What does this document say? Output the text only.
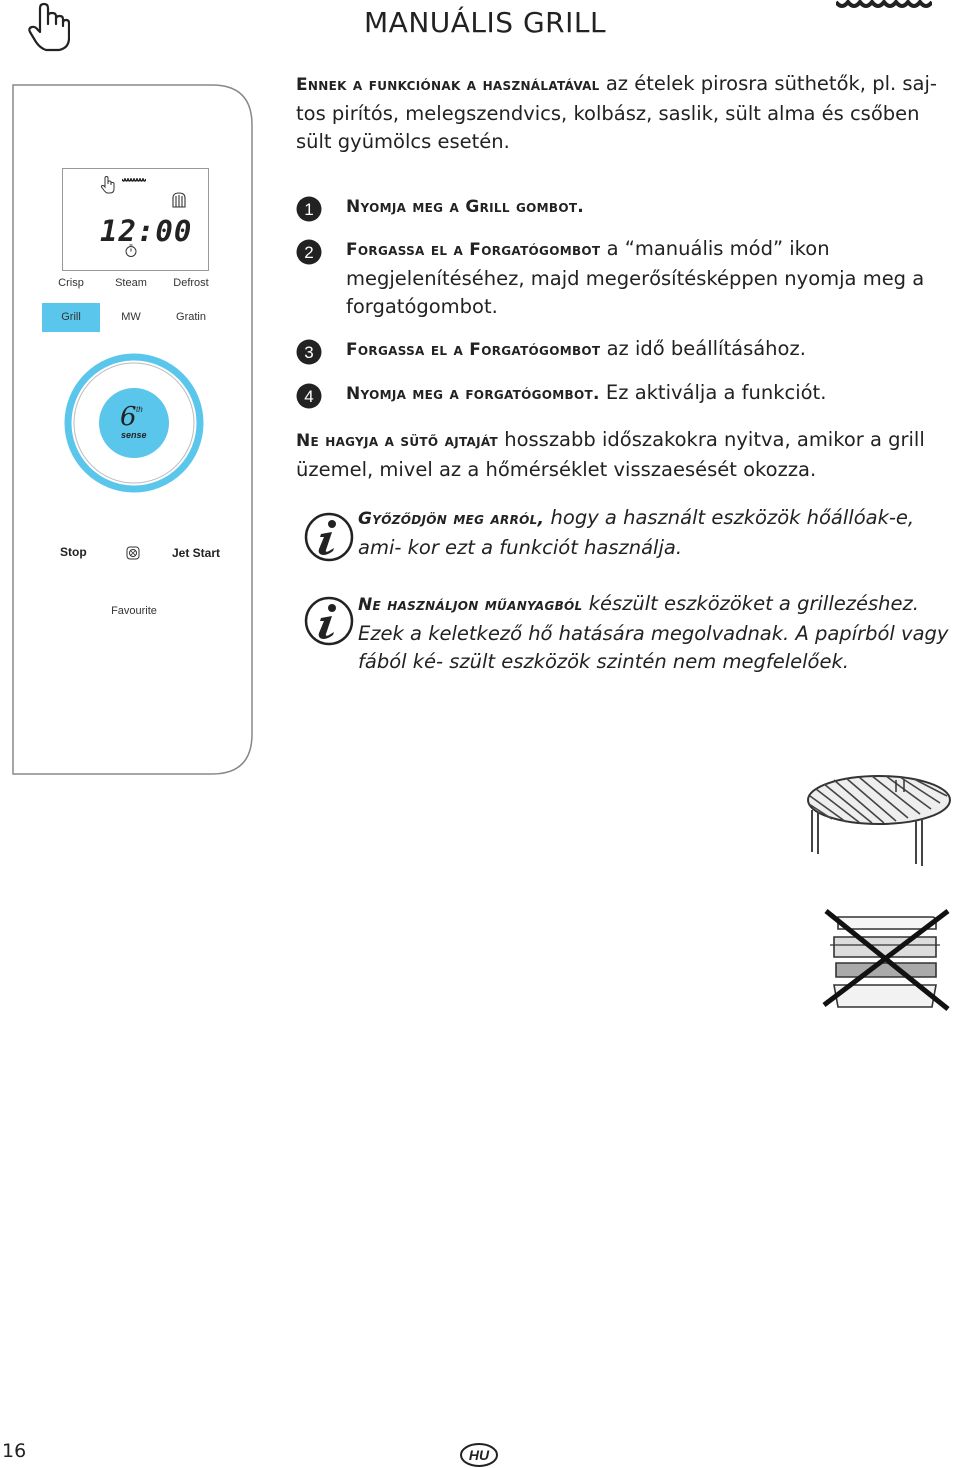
MANUÁLIS GRILL

Ennek a funkciónak a használatával az ételek pirosra süthetők, pl. saj- tos pirítós, melegszendvics, kolbász, saslik, sült alma és csőben sült gyümölcs esetén.

1 Nyomja meg a Grill gombot.

2 Forgassa el a Forgatógombot a “manuális mód” ikon megjelenítéséhez, majd megerősítésképpen nyomja meg a forgatógombot.

3 Forgassa el a Forgatógombot az idő beállításához.

4 Nyomja meg a forgatógombot. Ez aktiválja a funkciót.

Ne hagyja a sütő ajtaját hosszabb időszakokra nyitva, amikor a grill üzemel, mivel az a hőmérséklet visszaesését okozza.

Győződjön meg arról, hogy a használt eszközök hőállóak-e, ami- kor ezt a funkciót használja.

Ne használjon műanyagból készült eszközöket a grillezéshez. Ezek a keletkező hő hatására megolvadnak. A papírból vagy fából ké- szült eszközök szintén nem megfelelőek.

12:00
Crisp	Steam	Defrost
Grill	MW	Gratin
6 th
sense
Stop	Jet Start
Favourite
16	HU
